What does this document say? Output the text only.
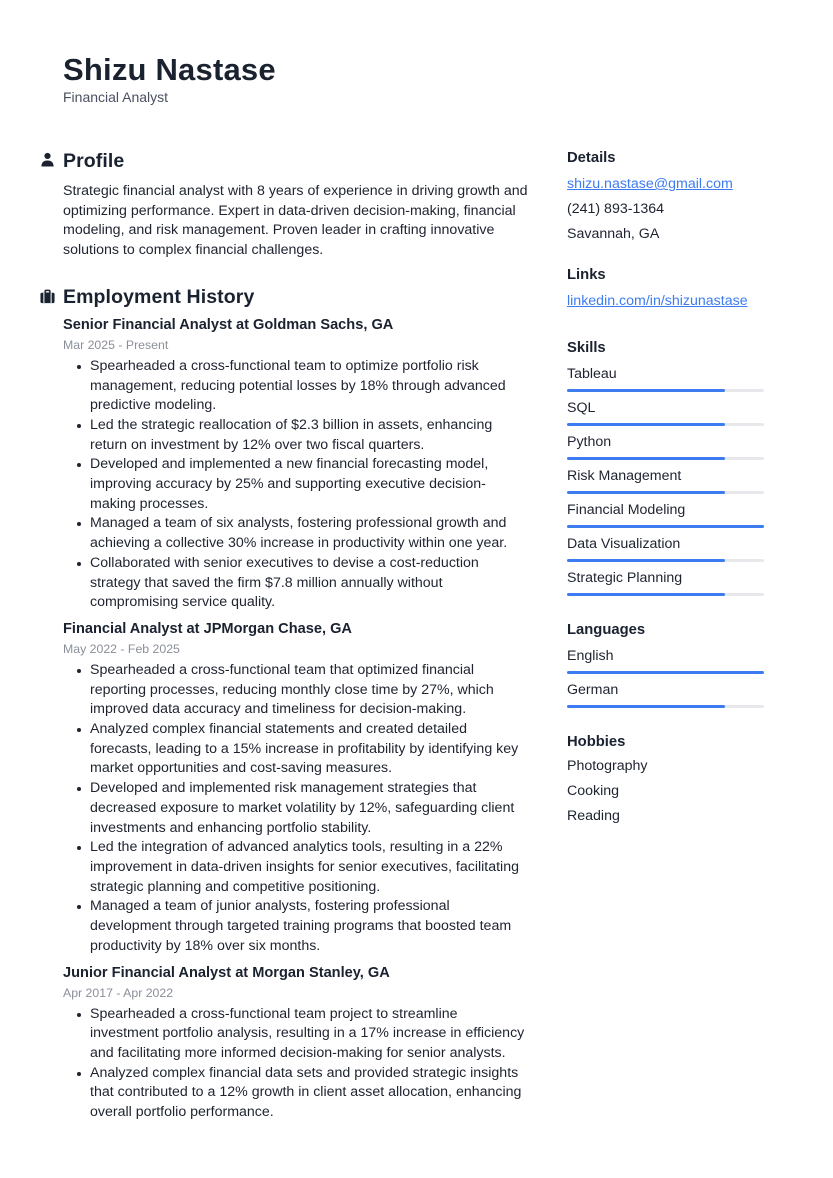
Shizu Nastase
Financial Analyst
Profile

Strategic financial analyst with 8 years of experience in driving growth and optimizing performance. Expert in data-driven decision-making, financial modeling, and risk management. Proven leader in crafting innovative solutions to complex financial challenges.

Employment History
Senior Financial Analyst at Goldman Sachs, GA
Mar 2025 - Present
Spearheaded a cross-functional team to optimize portfolio risk management, reducing potential losses by 18% through advanced predictive modeling.
Led the strategic reallocation of $2.3 billion in assets, enhancing return on investment by 12% over two fiscal quarters.
Developed and implemented a new financial forecasting model, improving accuracy by 25% and supporting executive decision-making processes.
Managed a team of six analysts, fostering professional growth and achieving a collective 30% increase in productivity within one year.
Collaborated with senior executives to devise a cost-reduction strategy that saved the firm $7.8 million annually without compromising service quality.
Financial Analyst at JPMorgan Chase, GA
May 2022 - Feb 2025
Spearheaded a cross-functional team that optimized financial reporting processes, reducing monthly close time by 27%, which improved data accuracy and timeliness for decision-making.
Analyzed complex financial statements and created detailed forecasts, leading to a 15% increase in profitability by identifying key market opportunities and cost-saving measures.
Developed and implemented risk management strategies that decreased exposure to market volatility by 12%, safeguarding client investments and enhancing portfolio stability.
Led the integration of advanced analytics tools, resulting in a 22% improvement in data-driven insights for senior executives, facilitating strategic planning and competitive positioning.
Managed a team of junior analysts, fostering professional development through targeted training programs that boosted team productivity by 18% over six months.
Junior Financial Analyst at Morgan Stanley, GA
Apr 2017 - Apr 2022
Spearheaded a cross-functional team project to streamline investment portfolio analysis, resulting in a 17% increase in efficiency and facilitating more informed decision-making for senior analysts.
Analyzed complex financial data sets and provided strategic insights that contributed to a 12% growth in client asset allocation, enhancing overall portfolio performance.
Details
shizu.nastase@gmail.com
(241) 893-1364
Savannah, GA
Links
linkedin.com/in/shizunastase
Skills
Tableau
SQL
Python
Risk Management
Financial Modeling
Data Visualization
Strategic Planning
Languages
English
German
Hobbies
Photography
Cooking
Reading
